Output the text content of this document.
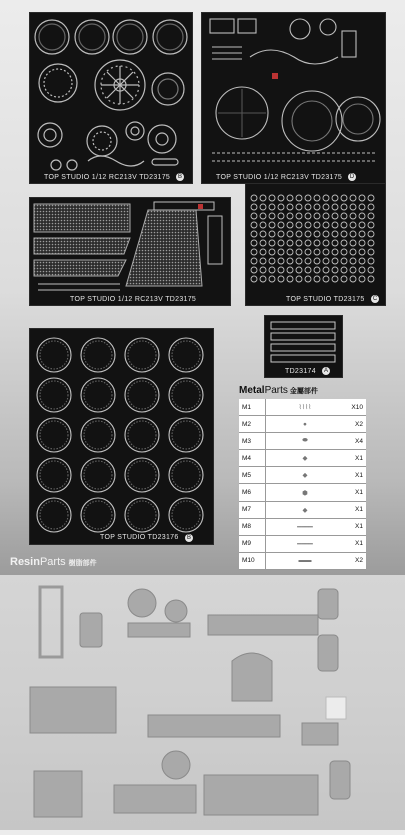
TOP STUDIO 1/12 RC213V TD23175	B	TOP STUDIO 1/12 RC213V TD23175	D
TOP STUDIO 1/12 RC213V TD23175	TOP STUDIO TD23175	C
TD23174	A
TOP STUDIO TD23176	B
MetalParts 金屬部件
M1	⌇⌇⌇⌇	X10
M2	●	X2
M3	⬬	X4
M4	◆	X1
M5	◆	X1
M6	⬢	X1
M7	◆	X1
M8	━━━━	X1
M9	━━━━	X1
M10	▬▬	X2
ResinParts 樹脂部件
